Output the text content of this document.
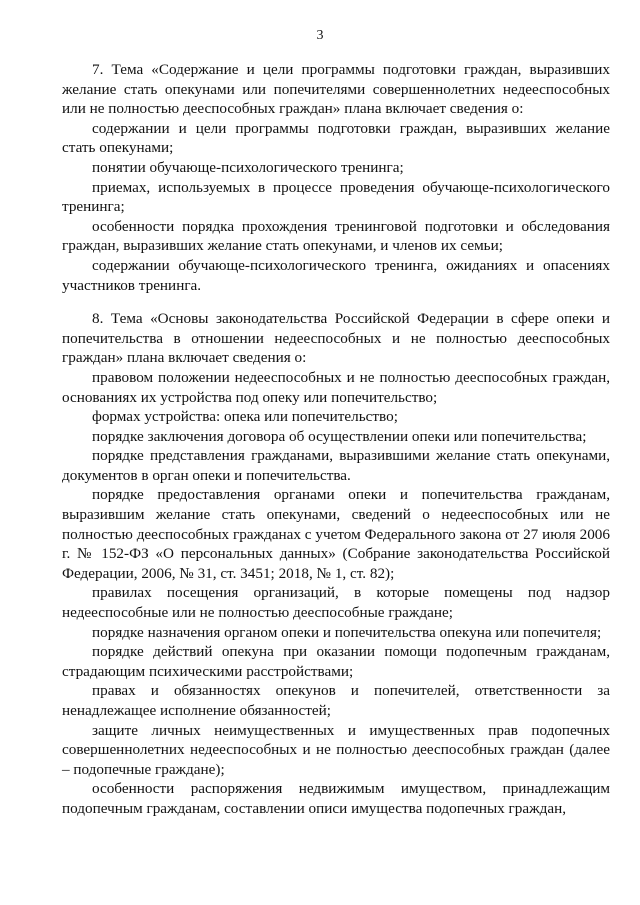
3

7. Тема «Содержание и цели программы подготовки граждан, выразивших желание стать опекунами или попечителями совершеннолетних недееспособных или не полностью дееспособных граждан» плана включает сведения о:

содержании и цели программы подготовки граждан, выразивших желание стать опекунами;

понятии обучающе-психологического тренинга;

приемах, используемых в процессе проведения обучающе-психологического тренинга;

особенности порядка прохождения тренинговой подготовки и обследования граждан, выразивших желание стать опекунами, и членов их семьи;

содержании обучающе-психологического тренинга, ожиданиях и опасениях участников тренинга.

8. Тема «Основы законодательства Российской Федерации в сфере опеки и попечительства в отношении недееспособных и не полностью дееспособных граждан» плана включает сведения о:

правовом положении недееспособных и не полностью дееспособных граждан, основаниях их устройства под опеку или попечительство;

формах устройства: опека или попечительство;

порядке заключения договора об осуществлении опеки или попечительства;

порядке представления гражданами, выразившими желание стать опекунами, документов в орган опеки и попечительства.

порядке предоставления органами опеки и попечительства гражданам, выразившим желание стать опекунами, сведений о недееспособных или не полностью дееспособных гражданах с учетом Федерального закона от 27 июля 2006 г. № 152-ФЗ «О персональных данных» (Собрание законодательства Российской Федерации, 2006, № 31, ст. 3451; 2018, № 1, ст. 82);

правилах посещения организаций, в которые помещены под надзор недееспособные или не полностью дееспособные граждане;

порядке назначения органом опеки и попечительства опекуна или попечителя;

порядке действий опекуна при оказании помощи подопечным гражданам, страдающим психическими расстройствами;

правах и обязанностях опекунов и попечителей, ответственности за ненадлежащее исполнение обязанностей;

защите личных неимущественных и имущественных прав подопечных совершеннолетних недееспособных и не полностью дееспособных граждан (далее – подопечные граждане);

особенности распоряжения недвижимым имуществом, принадлежащим подопечным гражданам, составлении описи имущества подопечных граждан,
